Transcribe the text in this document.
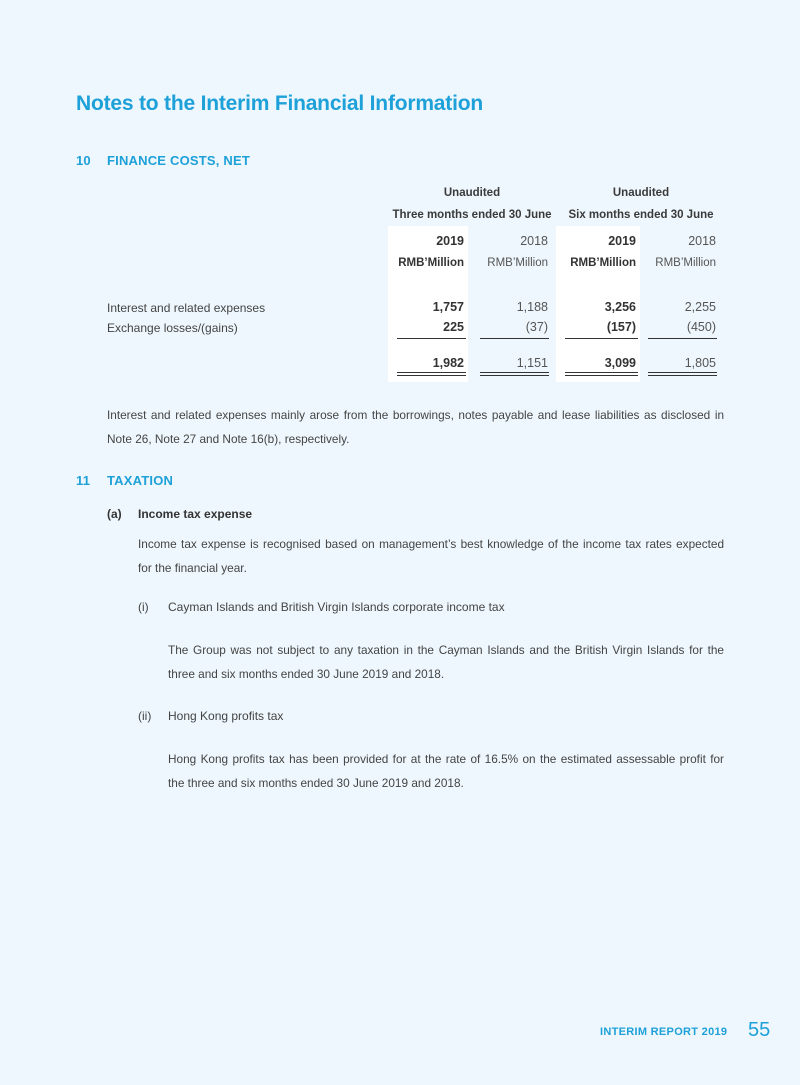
Notes to the Interim Financial Information
10 FINANCE COSTS, NET
Unaudited
Three months ended 30 June
Unaudited
Six months ended 30 June
2019	2018	2019	2018
RMB’Million	RMB’Million	RMB’Million	RMB’Million
Interest and related expenses	1,757	1,188	3,256	2,255
Exchange losses/(gains)	225	(37)	(157)	(450)
1,982	1,151	3,099	1,805
Interest and related expenses mainly arose from the borrowings, notes payable and lease liabilities as disclosed in Note 26, Note 27 and Note 16(b), respectively.
11 TAXATION
(a) Income tax expense
Income tax expense is recognised based on management’s best knowledge of the income tax rates expected for the financial year.
(i) Cayman Islands and British Virgin Islands corporate income tax
The Group was not subject to any taxation in the Cayman Islands and the British Virgin Islands for the three and six months ended 30 June 2019 and 2018.
(ii) Hong Kong profits tax
Hong Kong profits tax has been provided for at the rate of 16.5% on the estimated assessable profit for the three and six months ended 30 June 2019 and 2018.
INTERIM REPORT 2019 55
